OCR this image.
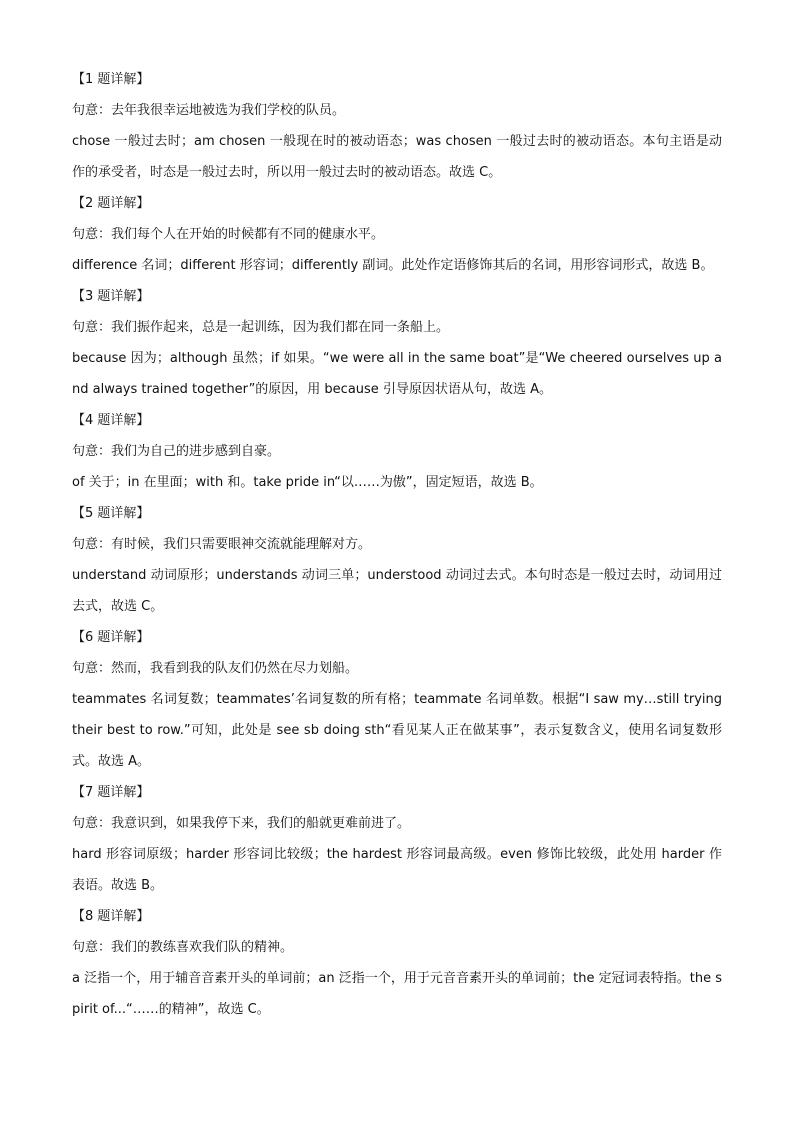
【1 题详解】

句意：去年我很幸运地被选为我们学校的队员。

chose 一般过去时；am chosen 一般现在时的被动语态；was chosen 一般过去时的被动语态。本句主语是动作的承受者，时态是一般过去时，所以用一般过去时的被动语态。故选 C。

【2 题详解】

句意：我们每个人在开始的时候都有不同的健康水平。

difference 名词；different 形容词；differently 副词。此处作定语修饰其后的名词，用形容词形式，故选 B。

【3 题详解】

句意：我们振作起来，总是一起训练，因为我们都在同一条船上。

because 因为；although 虽然；if 如果。“we were all in the same boat”是“We cheered ourselves up and always trained together”的原因，用 because 引导原因状语从句，故选 A。

【4 题详解】

句意：我们为自己的进步感到自豪。

of 关于；in 在里面；with 和。take pride in“以……为傲”，固定短语，故选 B。

【5 题详解】

句意：有时候，我们只需要眼神交流就能理解对方。

understand 动词原形；understands 动词三单；understood 动词过去式。本句时态是一般过去时，动词用过去式，故选 C。

【6 题详解】

句意：然而，我看到我的队友们仍然在尽力划船。

teammates 名词复数；teammates’名词复数的所有格；teammate 名词单数。根据“I saw my…still trying their best to row.”可知，此处是 see sb doing sth“看见某人正在做某事”，表示复数含义，使用名词复数形式。故选 A。

【7 题详解】

句意：我意识到，如果我停下来，我们的船就更难前进了。

hard 形容词原级；harder 形容词比较级；the hardest 形容词最高级。even 修饰比较级，此处用 harder 作表语。故选 B。

【8 题详解】

句意：我们的教练喜欢我们队的精神。

a 泛指一个，用于辅音音素开头的单词前；an 泛指一个，用于元音音素开头的单词前；the 定冠词表特指。the spirit of...“……的精神”，故选 C。
